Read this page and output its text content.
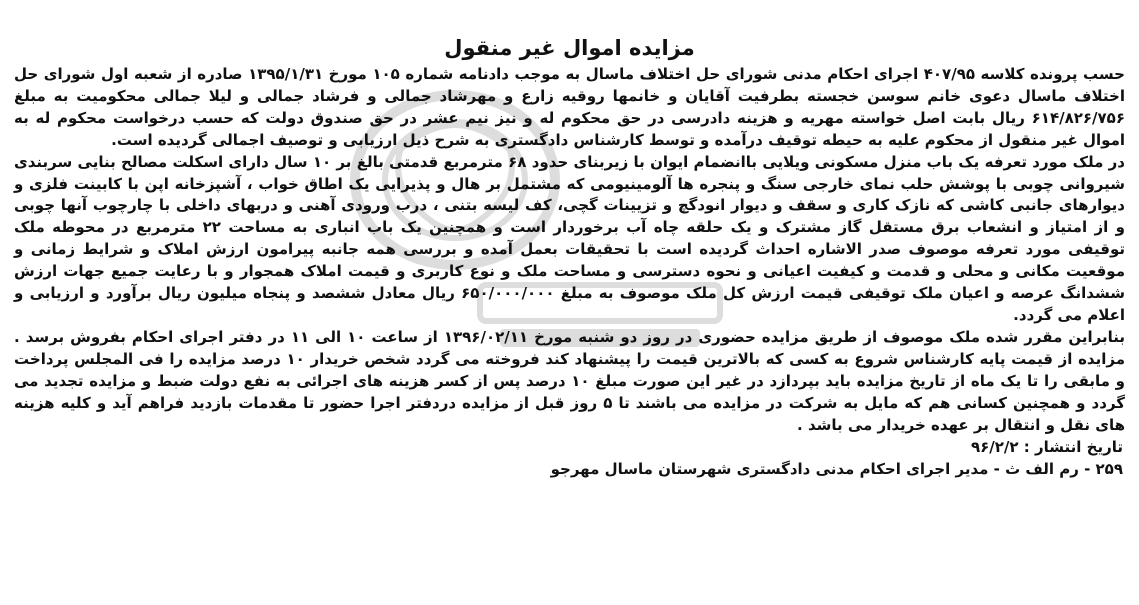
مزایده اموال غیر منقول

حسب پرونده کلاسه ۴۰۷/۹۵ اجرای احکام مدنی شورای حل اختلاف ماسال به موجب دادنامه شماره ۱۰۵ مورخ ۱۳۹۵/۱/۳۱ صادره از شعبه اول شورای حل اختلاف ماسال دعوی خانم سوسن خجسته بطرفیت آقایان و خانمها روقیه زارع و مهرشاد جمالی و فرشاد جمالی و لیلا جمالی محکومیت به مبلغ ۶۱۴/۸۲۶/۷۵۶ ریال بابت اصل خواسته مهریه و هزینه دادرسی در حق محکوم له و نیز نیم عشر در حق صندوق دولت که حسب درخواست محکوم له به اموال غیر منقول از محکوم علیه به حیطه توقیف درآمده و توسط کارشناس دادگستری به شرح ذیل ارزیابی و توصیف اجمالی گردیده است.

در ملک مورد تعرفه یک باب منزل مسکونی ویلایی باانضمام ایوان با زیربنای حدود ۶۸ مترمربع قدمتی بالغ بر ۱۰ سال دارای اسکلت مصالح بنایی سربندی شیروانی چوبی با پوشش حلب نمای خارجی سنگ و پنجره ها آلومینیومی که مشتمل بر هال و پذیرایی یک اطاق خواب ، آشپزخانه اپن با کابینت فلزی و دیوارهای جانبی کاشی که نازک کاری و سقف و دیوار انودگچ و تزیینات گچی، کف لیسه بتنی ، درب ورودی آهنی و دربهای داخلی با چارچوب آنها چوبی و از امتیاز و انشعاب برق مستقل گاز مشترک و یک حلقه چاه آب برخوردار است و همچنین یک باب انباری به مساحت ۲۲ مترمربع در محوطه ملک توقیفی مورد تعرفه موصوف صدر الاشاره احداث گردیده است با تحقیقات بعمل آمده و بررسی همه جانبه پیرامون ارزش املاک و شرایط زمانی و موقعیت مکانی و محلی و قدمت و کیفیت اعیانی و نحوه دسترسی و مساحت ملک و نوع کاربری و قیمت املاک همجوار و با رعایت جمیع جهات ارزش ششدانگ عرصه و اعیان ملک توقیفی قیمت ارزش کل ملک موصوف به مبلغ ۶۵۰/۰۰۰/۰۰۰ ریال معادل ششصد و پنجاه میلیون ریال برآورد و ارزیابی و اعلام می گردد.

بنابراین مقرر شده ملک موصوف از طریق مزایده حضوری در روز دو شنبه مورخ ۱۳۹۶/۰۲/۱۱ از ساعت ۱۰ الی ۱۱ در دفتر اجرای احکام بفروش برسد . مزایده از قیمت پایه کارشناس شروع به کسی که بالاترین قیمت را پیشنهاد کند فروخته می گردد شخص خریدار ۱۰ درصد مزایده را فی المجلس پرداخت و مابقی را تا یک ماه از تاریخ مزایده باید بپردازد در غیر این صورت مبلغ ۱۰ درصد پس از کسر هزینه های اجرائی به نفع دولت ضبط و مزایده تجدید می گردد و همچنین کسانی هم که مایل به شرکت در مزایده می باشند تا ۵ روز قبل از مزایده دردفتر اجرا حضور تا مقدمات بازدید فراهم آید و کلیه هزینه های نقل و انتقال بر عهده خریدار می باشد .

تاریخ انتشار : ۹۶/۲/۲
۲۵۹ - رم الف ث - مدیر اجرای احکام مدنی دادگستری شهرستان ماسال مهرجو
